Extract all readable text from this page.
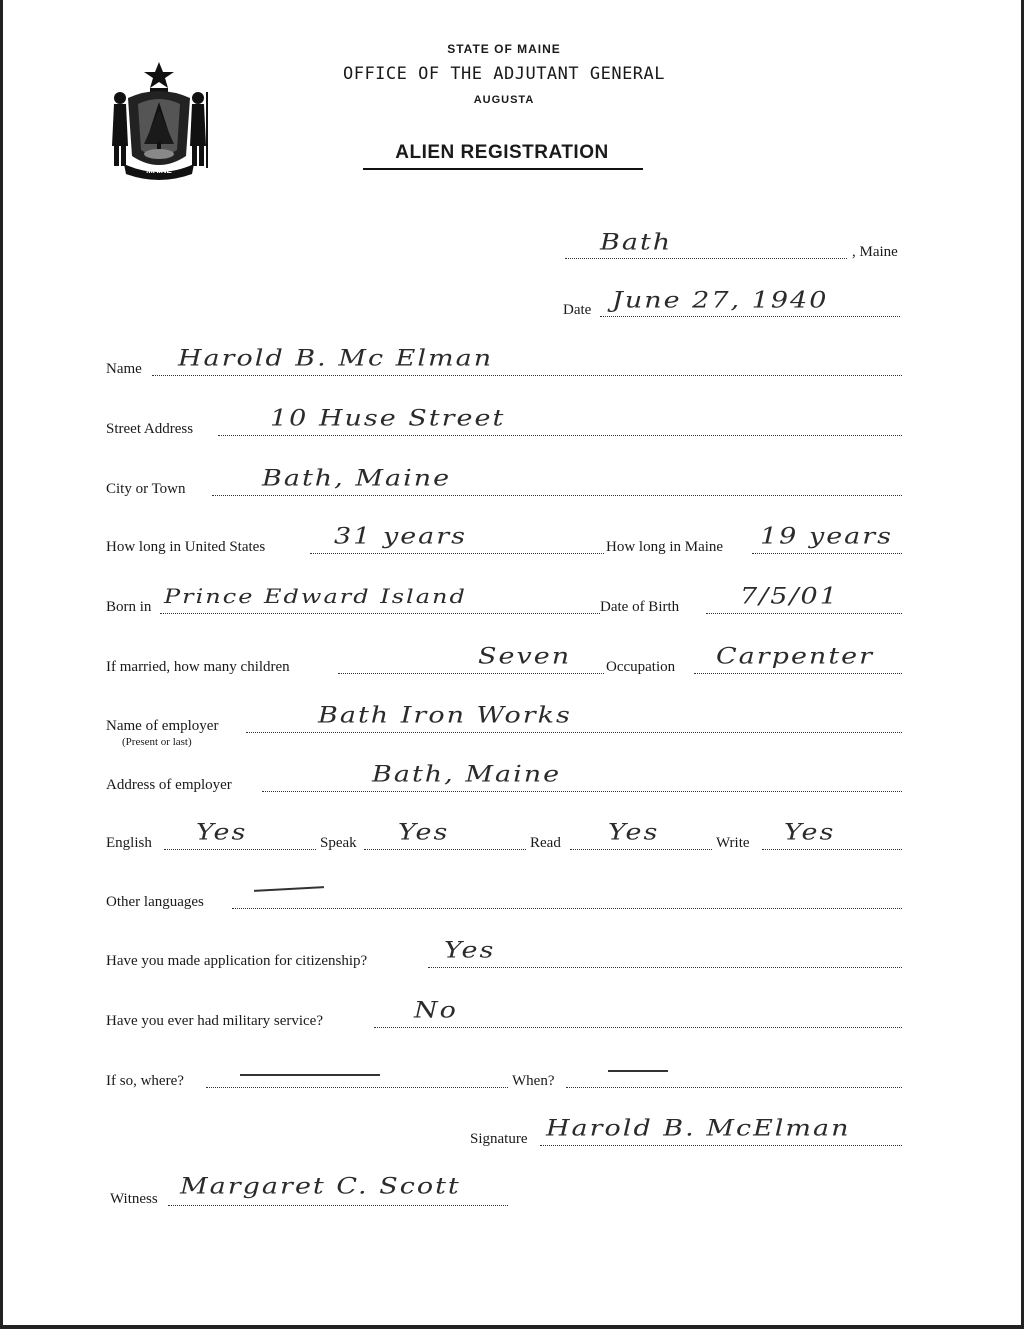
MAINE
STATE OF MAINE
OFFICE OF THE ADJUTANT GENERAL
AUGUSTA
ALIEN REGISTRATION
Bath	, Maine
Date June 27, 1940
Name Harold B. Mc Elman
Street Address	10 Huse Street
City or Town	Bath, Maine
How long in United States	31 years	How long in Maine 19 years
Born in Prince Edward Island	Date of Birth 7/5/01
If married, how many children	Seven Occupation Carpenter
Name of employer
(Present or last)
Bath Iron Works
Address of employer	Bath, Maine
English Yes	Speak Yes	Read Yes	Write Yes
Other languages
Have you made application for citizenship?	Yes
Have you ever had military service?	No
If so, where?	When?
Signature Harold B. McElman
Witness Margaret C. Scott
